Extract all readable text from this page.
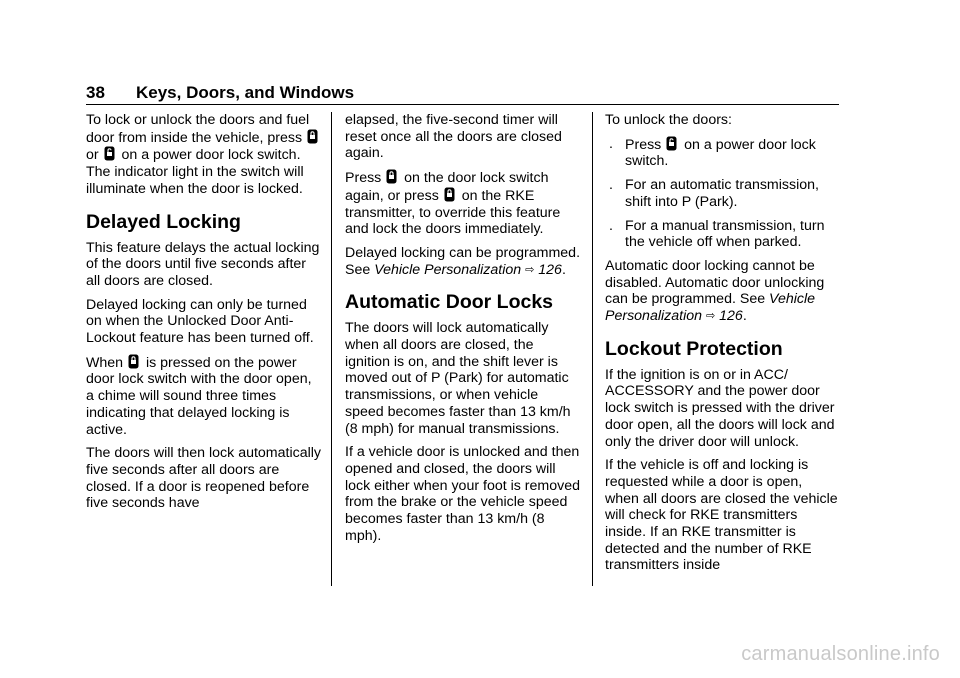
38 Keys, Doors, and Windows

To lock or unlock the doors and fuel door from inside the vehicle, press
or
on a power door lock switch. The indicator light in the switch will illuminate when the door is locked.

Delayed Locking

This feature delays the actual locking of the doors until five seconds after all doors are closed.

Delayed locking can only be turned on when the Unlocked Door Anti-Lockout feature has been turned off.

When
is pressed on the power door lock switch with the door open, a chime will sound three times indicating that delayed locking is active.

The doors will then lock automatically five seconds after all doors are closed. If a door is reopened before five seconds have

elapsed, the five-second timer will reset once all the doors are closed again.

Press
on the door lock switch again, or press
on the RKE transmitter, to override this feature and lock the doors immediately.

Delayed locking can be programmed. See Vehicle Personalization ⇨ 126.

Automatic Door Locks

The doors will lock automatically when all doors are closed, the ignition is on, and the shift lever is moved out of P (Park) for automatic transmissions, or when vehicle speed becomes faster than 13 km/h (8 mph) for manual transmissions.

If a vehicle door is unlocked and then opened and closed, the doors will lock either when your foot is removed from the brake or the vehicle speed becomes faster than 13 km/h (8 mph).

To unlock the doors:

. Press
on a power door lock switch.
. For an automatic transmission, shift into P (Park).
. For a manual transmission, turn the vehicle off when parked.

Automatic door locking cannot be disabled. Automatic door unlocking can be programmed. See Vehicle Personalization ⇨ 126.

Lockout Protection

If the ignition is on or in ACC/ ACCESSORY and the power door lock switch is pressed with the driver door open, all the doors will lock and only the driver door will unlock.

If the vehicle is off and locking is requested while a door is open, when all doors are closed the vehicle will check for RKE transmitters inside. If an RKE transmitter is detected and the number of RKE transmitters inside

carmanualsonline.info
